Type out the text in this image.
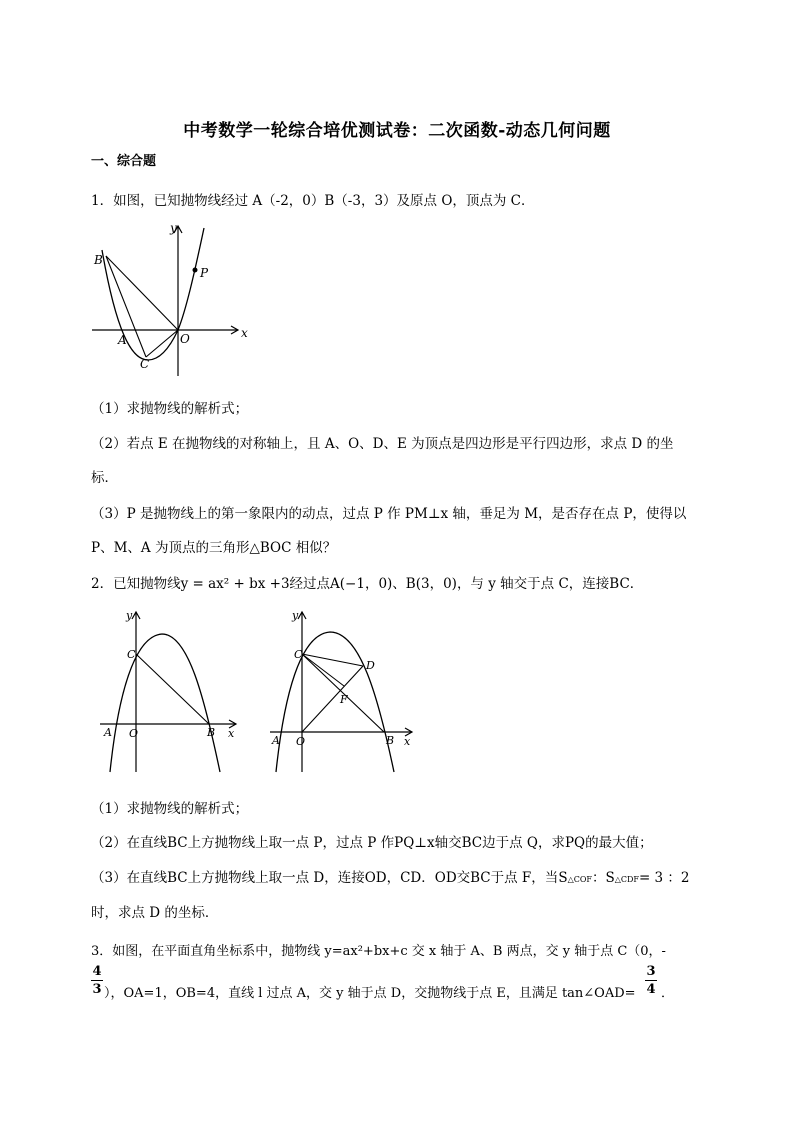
中考数学一轮综合培优测试卷：二次函数-动态几何问题
一、综合题
1．如图，已知抛物线经过 A（-2，0）B（-3，3）及原点 O，顶点为 C．
B
P
A
C
O	x
y
（1）求抛物线的解析式；
（2）若点 E 在抛物线的对称轴上，且 A、O、D、E 为顶点是四边形是平行四边形，求点 D 的坐
标．
（3）P 是抛物线上的第一象限内的动点，过点 P 作 PM⊥x 轴，垂足为 M，是否存在点 P，使得以
P、M、A 为顶点的三角形△BOC 相似？
2．已知抛物线y = ax² + bx +3经过点A(−1，0)、B(3，0)，与 y 轴交于点 C，连接BC．
C
y
A O	B x
C
y
D
F
A O	B x
（1）求抛物线的解析式；
（2）在直线BC上方抛物线上取一点 P，过点 P 作PQ⊥x轴交BC边于点 Q，求PQ的最大值；
（3）在直线BC上方抛物线上取一点 D，连接OD，CD．OD交BC于点 F，当S△COF：S△CDF= 3 ：2
时，求点 D 的坐标．
3．如图，在平面直角坐标系中，抛物线 y=ax²+bx+c 交 x 轴于 A、B 两点，交 y 轴于点 C（0，-
4
3 ），OA=1，OB=4，直线 l 过点 A，交 y 轴于点 D，交抛物线于点 E，且满足 tan∠OAD=
3
4 ．
